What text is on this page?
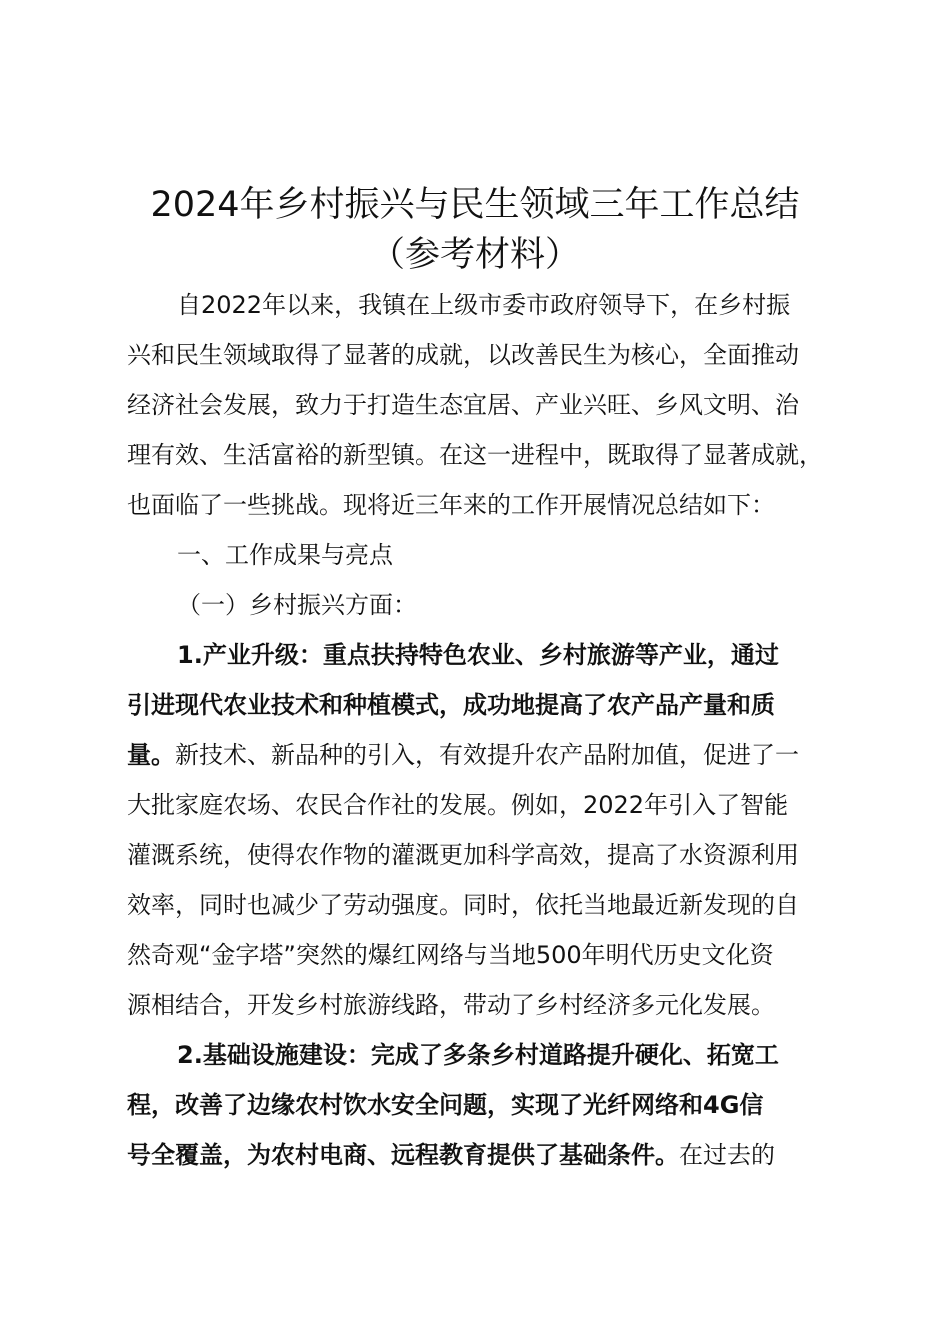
2024年乡村振兴与民生领域三年工作总结
（参考材料）
自2022年以来，我镇在上级市委市政府领导下，在乡村振
兴和民生领域取得了显著的成就，以改善民生为核心，全面推动
经济社会发展，致力于打造生态宜居、产业兴旺、乡风文明、治
理有效、生活富裕的新型镇。在这一进程中，既取得了显著成就，
也面临了一些挑战。现将近三年来的工作开展情况总结如下：
一、工作成果与亮点
（一）乡村振兴方面：
1.产业升级：重点扶持特色农业、乡村旅游等产业，通过
引进现代农业技术和种植模式，成功地提高了农产品产量和质
量。新技术、新品种的引入，有效提升农产品附加值，促进了一
大批家庭农场、农民合作社的发展。例如，2022年引入了智能
灌溉系统，使得农作物的灌溉更加科学高效，提高了水资源利用
效率，同时也减少了劳动强度。同时，依托当地最近新发现的自
然奇观“金字塔”突然的爆红网络与当地500年明代历史文化资
源相结合，开发乡村旅游线路，带动了乡村经济多元化发展。
2.基础设施建设：完成了多条乡村道路提升硬化、拓宽工
程，改善了边缘农村饮水安全问题，实现了光纤网络和4G信
号全覆盖，为农村电商、远程教育提供了基础条件。在过去的
